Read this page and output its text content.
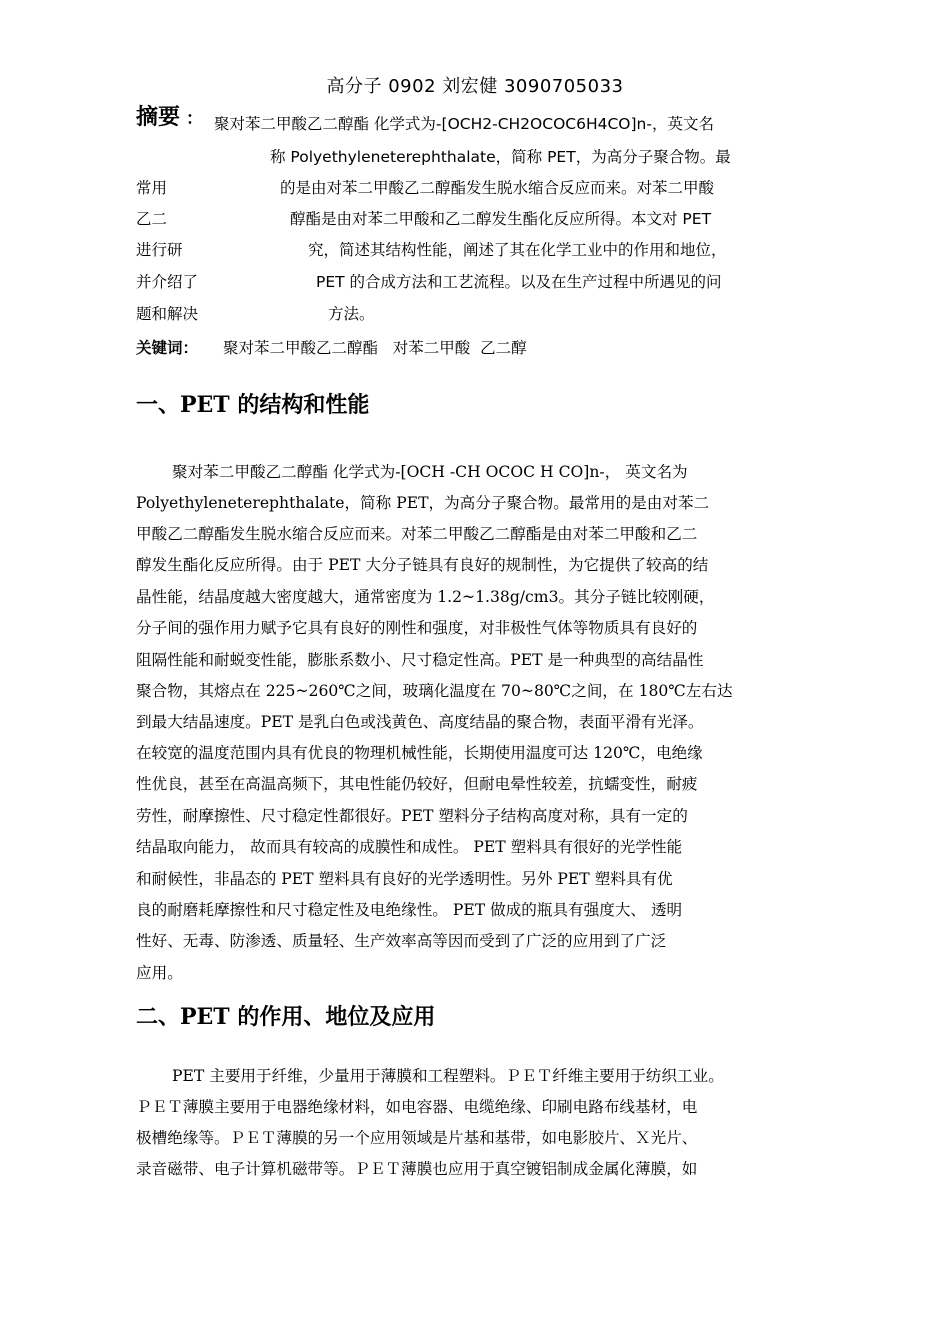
高分子 0902 刘宏健 3090705033
摘要 ： 聚对苯二甲酸乙二醇酯 化学式为-[OCH2-CH2OCOC6H4CO]n-，英文名
称 Polyethyleneterephthalate，简称 PET，为高分子聚合物。最
常用	的是由对苯二甲酸乙二醇酯发生脱水缩合反应而来。对苯二甲酸
乙二	醇酯是由对苯二甲酸和乙二醇发生酯化反应所得。本文对 PET
进行研	究，简述其结构性能，阐述了其在化学工业中的作用和地位，
并介绍了	PET 的合成方法和工艺流程。以及在生产过程中所遇见的问
题和解决	方法。
关键词： 聚对苯二甲酸乙二醇酯   对苯二甲酸  乙二醇
一、PET 的结构和性能
聚对苯二甲酸乙二醇酯 化学式为-[OCH -CH OCOC H CO]n-， 英文名为
Polyethyleneterephthalate，简称 PET，为高分子聚合物。最常用的是由对苯二
甲酸乙二醇酯发生脱水缩合反应而来。对苯二甲酸乙二醇酯是由对苯二甲酸和乙二
醇发生酯化反应所得。由于 PET 大分子链具有良好的规制性，为它提供了较高的结
晶性能，结晶度越大密度越大，通常密度为 1.2~1.38g/cm3。其分子链比较刚硬，
分子间的强作用力赋予它具有良好的刚性和强度，对非极性气体等物质具有良好的
阻隔性能和耐蜕变性能，膨胀系数小、尺寸稳定性高。PET 是一种典型的高结晶性
聚合物，其熔点在 225~260℃之间，玻璃化温度在 70~80℃之间，在 180℃左右达
到最大结晶速度。PET 是乳白色或浅黄色、高度结晶的聚合物，表面平滑有光泽。
在较宽的温度范围内具有优良的物理机械性能，长期使用温度可达 120℃，电绝缘
性优良，甚至在高温高频下，其电性能仍较好，但耐电晕性较差，抗蠕变性，耐疲
劳性，耐摩擦性、尺寸稳定性都很好。PET 塑料分子结构高度对称，具有一定的
结晶取向能力， 故而具有较高的成膜性和成性。 PET 塑料具有很好的光学性能
和耐候性，非晶态的 PET 塑料具有良好的光学透明性。另外 PET 塑料具有优
良的耐磨耗摩擦性和尺寸稳定性及电绝缘性。 PET 做成的瓶具有强度大、 透明
性好、无毒、防渗透、质量轻、生产效率高等因而受到了广泛的应用到了广泛
应用。
二、PET 的作用、地位及应用
PET 主要用于纤维，少量用于薄膜和工程塑料。ＰＥＴ纤维主要用于纺织工业。
ＰＥＴ薄膜主要用于电器绝缘材料，如电容器、电缆绝缘、印刷电路布线基材，电
极槽绝缘等。ＰＥＴ薄膜的另一个应用领域是片基和基带，如电影胶片、Ｘ光片、
录音磁带、电子计算机磁带等。ＰＥＴ薄膜也应用于真空镀铝制成金属化薄膜，如
